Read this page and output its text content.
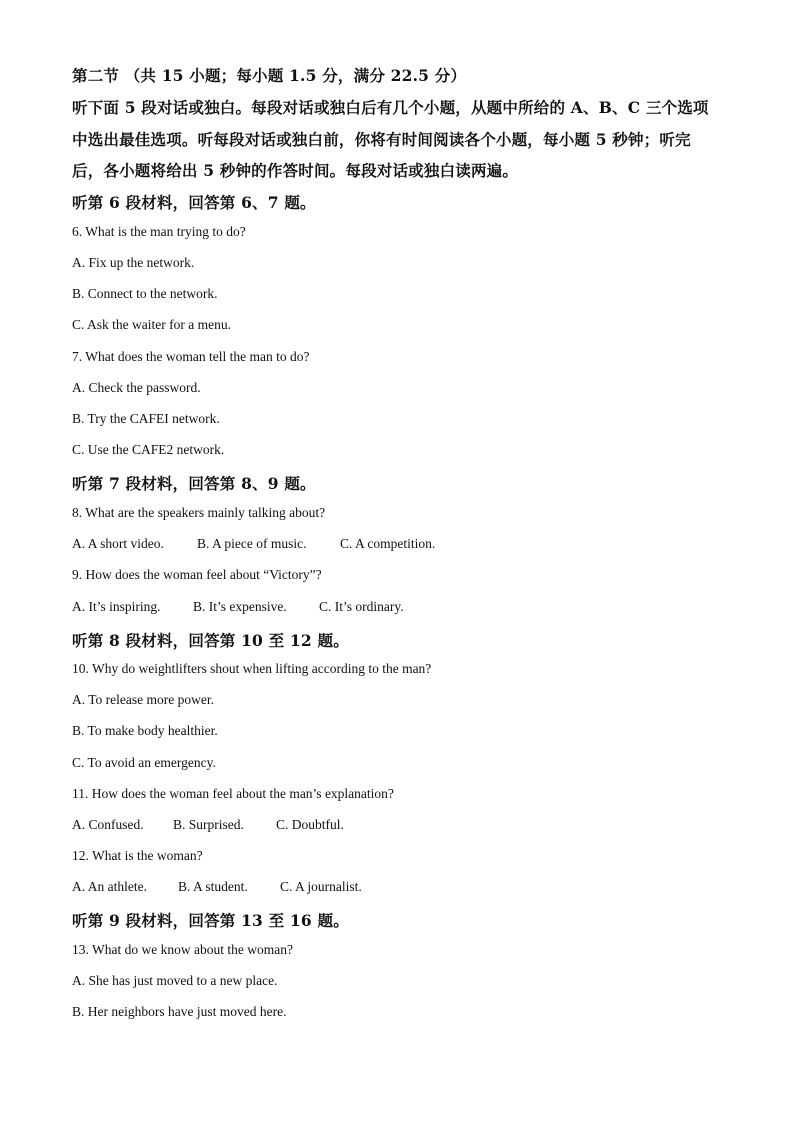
第二节 （共 15 小题；每小题 1.5 分，满分 22.5 分）
听下面 5 段对话或独白。每段对话或独白后有几个小题，从题中所给的 A、B、C 三个选项
中选出最佳选项。听每段对话或独白前，你将有时间阅读各个小题，每小题 5 秒钟；听完
后，各小题将给出 5 秒钟的作答时间。每段对话或独白读两遍。
听第 6 段材料，回答第 6、7 题。
6. What is the man trying to do?
A. Fix up the network.
B. Connect to the network.
C. Ask the waiter for a menu.
7. What does the woman tell the man to do?
A. Check the password.
B. Try the CAFEI network.
C. Use the CAFE2 network.
听第 7 段材料，回答第 8、9 题。
8. What are the speakers mainly talking about?
A. A short video. B. A piece of music. C. A competition.
9. How does the woman feel about “Victory”?
A. It’s inspiring. B. It’s expensive. C. It’s ordinary.
听第 8 段材料，回答第 10 至 12 题。
10. Why do weightlifters shout when lifting according to the man?
A. To release more power.
B. To make body healthier.
C. To avoid an emergency.
11. How does the woman feel about the man’s explanation?
A. Confused. B. Surprised. C. Doubtful.
12. What is the woman?
A. An athlete. B. A student. C. A journalist.
听第 9 段材料，回答第 13 至 16 题。
13. What do we know about the woman?
A. She has just moved to a new place.
B. Her neighbors have just moved here.
